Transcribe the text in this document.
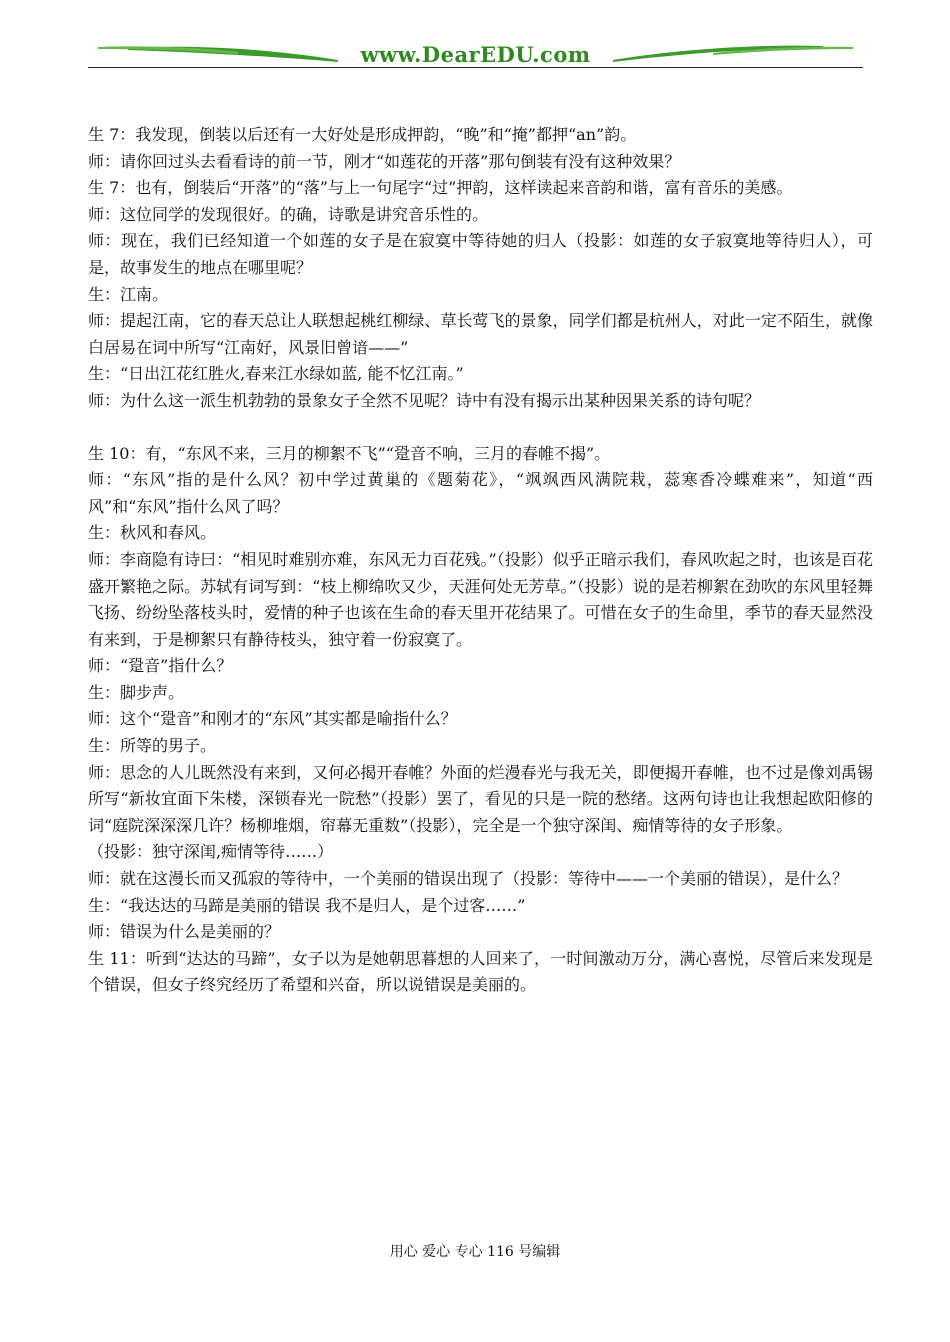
www.DearEDU.com

生 7：我发现，倒装以后还有一大好处是形成押韵，“晚”和“掩”都押“an”韵。

师：请你回过头去看看诗的前一节，刚才“如莲花的开落”那句倒装有没有这种效果？

生 7：也有，倒装后“开落”的“落”与上一句尾字“过”押韵，这样读起来音韵和谐，富有音乐的美感。

师：这位同学的发现很好。的确，诗歌是讲究音乐性的。

师：现在，我们已经知道一个如莲的女子是在寂寞中等待她的归人（投影：如莲的女子寂寞地等待归人），可是，故事发生的地点在哪里呢？

生：江南。

师：提起江南，它的春天总让人联想起桃红柳绿、草长莺飞的景象，同学们都是杭州人，对此一定不陌生，就像白居易在词中所写“江南好，风景旧曾谙——”

生：“日出江花红胜火,春来江水绿如蓝, 能不忆江南。”

师：为什么这一派生机勃勃的景象女子全然不见呢？诗中有没有揭示出某种因果关系的诗句呢？

生 10：有，“东风不来，三月的柳絮不飞”“跫音不响，三月的春帷不揭”。

师：“东风”指的是什么风？初中学过黄巢的《题菊花》，“飒飒西风满院栽，蕊寒香冷蝶难来”，知道“西风”和“东风”指什么风了吗？

生：秋风和春风。

师：李商隐有诗曰：“相见时难别亦难，东风无力百花残。”（投影）似乎正暗示我们，春风吹起之时，也该是百花盛开繁艳之际。苏轼有词写到：“枝上柳绵吹又少，天涯何处无芳草。”（投影）说的是若柳絮在劲吹的东风里轻舞飞扬、纷纷坠落枝头时，爱情的种子也该在生命的春天里开花结果了。可惜在女子的生命里，季节的春天显然没有来到，于是柳絮只有静待枝头，独守着一份寂寞了。

师：“跫音”指什么？

生：脚步声。

师：这个“跫音”和刚才的“东风”其实都是喻指什么？

生：所等的男子。

师：思念的人儿既然没有来到，又何必揭开春帷？外面的烂漫春光与我无关，即便揭开春帷，也不过是像刘禹锡所写“新妆宜面下朱楼，深锁春光一院愁”（投影）罢了，看见的只是一院的愁绪。这两句诗也让我想起欧阳修的词“庭院深深深几许？杨柳堆烟，帘幕无重数”（投影），完全是一个独守深闺、痴情等待的女子形象。

（投影：独守深闺,痴情等待……）

师：就在这漫长而又孤寂的等待中，一个美丽的错误出现了（投影：等待中——一个美丽的错误），是什么？

生：“我达达的马蹄是美丽的错误 我不是归人，是个过客……”

师：错误为什么是美丽的？

生 11：听到“达达的马蹄”，女子以为是她朝思暮想的人回来了，一时间激动万分，满心喜悦，尽管后来发现是个错误，但女子终究经历了希望和兴奋，所以说错误是美丽的。

用心 爱心 专心 116 号编辑
